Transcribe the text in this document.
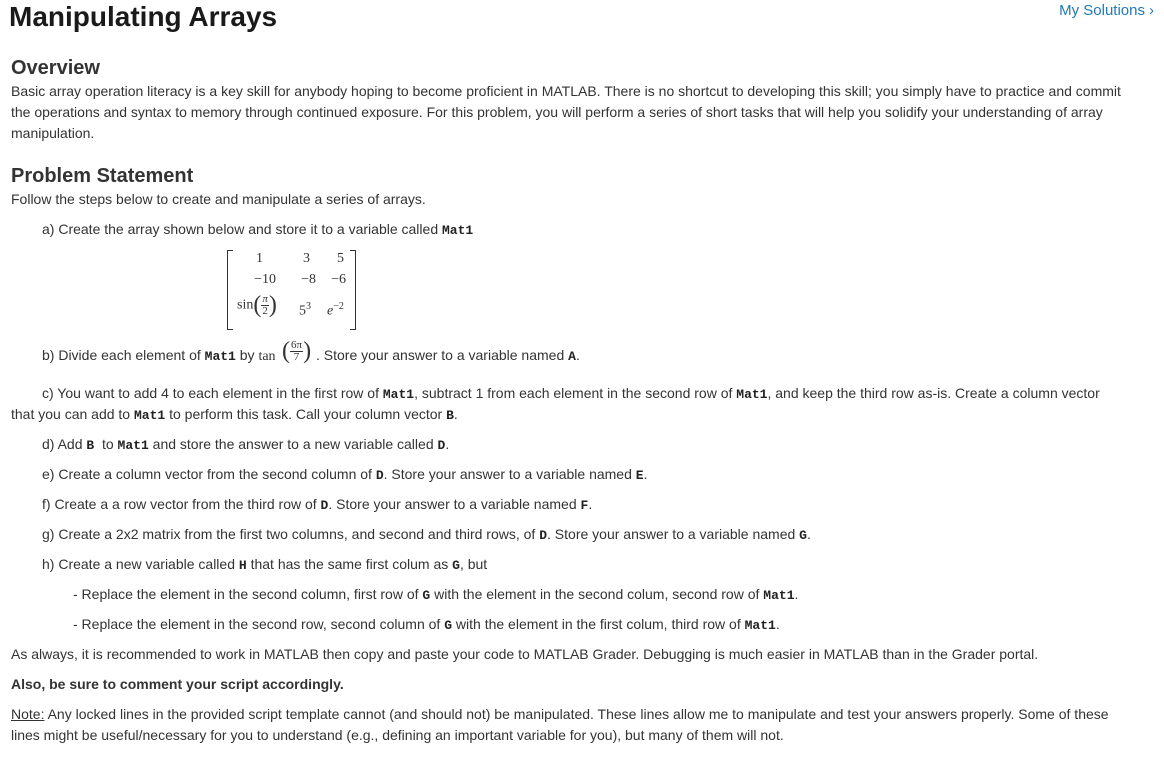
Manipulating Arrays	My Solutions ›
Overview

Basic array operation literacy is a key skill for anybody hoping to become proficient in MATLAB. There is no shortcut to developing this skill; you simply have to practice and commit the operations and syntax to memory through continued exposure. For this problem, you will perform a series of short tasks that will help you solidify your understanding of array manipulation.

Problem Statement

Follow the steps below to create and manipulate a series of arrays.

a) Create the array shown below and store it to a variable called Mat1

1	3 5
−10 −8 −6
$\sin( \frac{\pi}{2}$ ) $5^3$ $e^{-2}$

b) Divide each element of Mat1 by tan ( $\frac{6\pi}{7}$ ) . Store your answer to a variable named A.

c) You want to add 4 to each element in the first row of Mat1, subtract 1 from each element in the second row of Mat1, and keep the third row as-is. Create a column vector

that you can add to Mat1 to perform this task. Call your column vector B.

d) Add B  to Mat1 and store the answer to a new variable called D.

e) Create a column vector from the second column of D. Store your answer to a variable named E.

f) Create a a row vector from the third row of D. Store your answer to a variable named F.

g) Create a 2x2 matrix from the first two columns, and second and third rows, of D. Store your answer to a variable named G.

h) Create a new variable called H that has the same first colum as G, but

- Replace the element in the second column, first row of G with the element in the second colum, second row of Mat1.

- Replace the element in the second row, second column of G with the element in the first colum, third row of Mat1.

As always, it is recommended to work in MATLAB then copy and paste your code to MATLAB Grader. Debugging is much easier in MATLAB than in the Grader portal.

Also, be sure to comment your script accordingly.

Note: Any locked lines in the provided script template cannot (and should not) be manipulated. These lines allow me to manipulate and test your answers properly. Some of these lines might be useful/necessary for you to understand (e.g., defining an important variable for you), but many of them will not.
